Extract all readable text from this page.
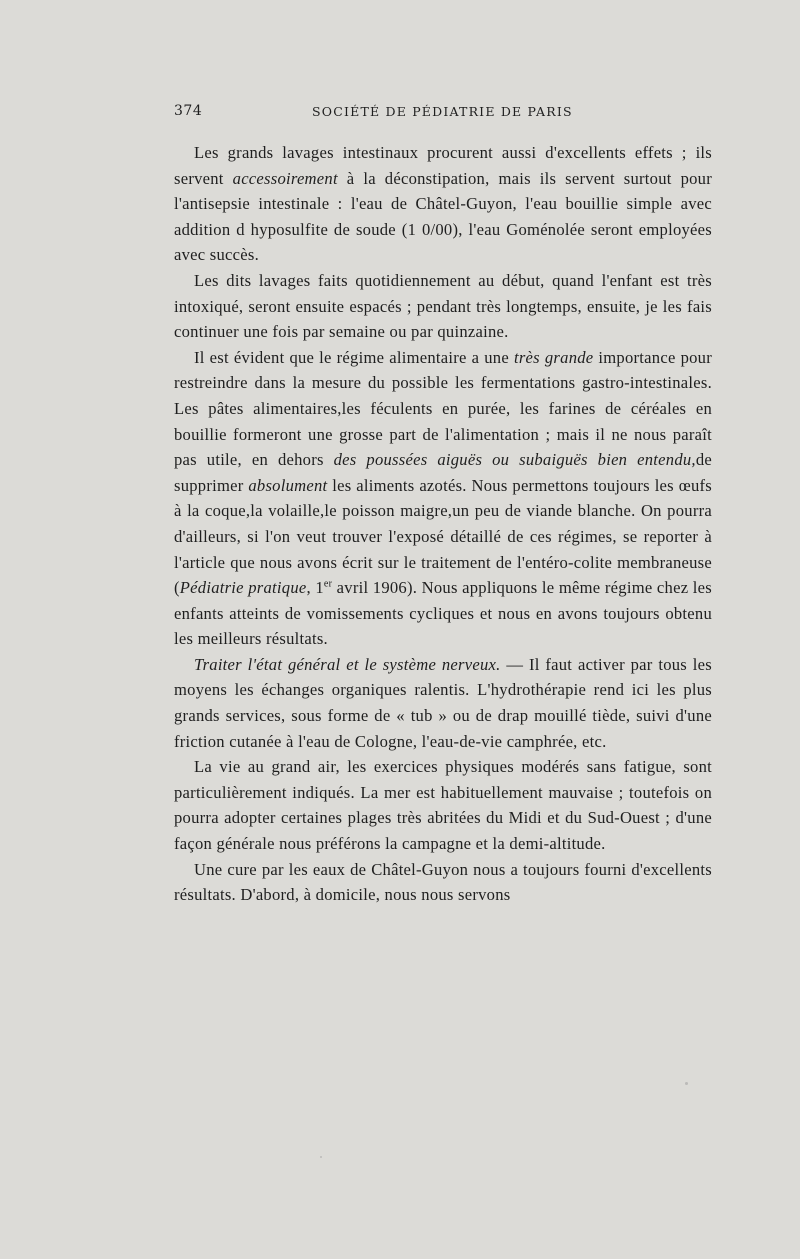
374	SOCIÉTÉ DE PÉDIATRIE DE PARIS

Les grands lavages intestinaux procurent aussi d'excellents effets ; ils servent accessoirement à la déconstipation, mais ils servent surtout pour l'antisepsie intestinale : l'eau de Châtel-Guyon, l'eau bouillie simple avec addition d hyposulfite de soude (1 0/00), l'eau Goménolée seront employées avec succès.

Les dits lavages faits quotidiennement au début, quand l'enfant est très intoxiqué, seront ensuite espacés ; pendant très longtemps, ensuite, je les fais continuer une fois par semaine ou par quinzaine.

Il est évident que le régime alimentaire a une très grande importance pour restreindre dans la mesure du possible les fermentations gastro-intestinales. Les pâtes alimentaires,les féculents en purée, les farines de céréales en bouillie formeront une grosse part de l'alimentation ; mais il ne nous paraît pas utile, en dehors des poussées aiguës ou subaiguës bien entendu,de supprimer absolument les aliments azotés. Nous permettons toujours les œufs à la coque,la volaille,le poisson maigre,un peu de viande blanche. On pourra d'ailleurs, si l'on veut trouver l'exposé détaillé de ces régimes, se reporter à l'article que nous avons écrit sur le traitement de l'entéro-colite membraneuse (Pédiatrie pratique, 1er avril 1906). Nous appliquons le même régime chez les enfants atteints de vomissements cycliques et nous en avons toujours obtenu les meilleurs résultats.

Traiter l'état général et le système nerveux. — Il faut activer par tous les moyens les échanges organiques ralentis. L'hydrothérapie rend ici les plus grands services, sous forme de « tub » ou de drap mouillé tiède, suivi d'une friction cutanée à l'eau de Cologne, l'eau-de-vie camphrée, etc.

La vie au grand air, les exercices physiques modérés sans fatigue, sont particulièrement indiqués. La mer est habituellement mauvaise ; toutefois on pourra adopter certaines plages très abritées du Midi et du Sud-Ouest ; d'une façon générale nous préférons la campagne et la demi-altitude.

Une cure par les eaux de Châtel-Guyon nous a toujours fourni d'excellents résultats. D'abord, à domicile, nous nous servons
